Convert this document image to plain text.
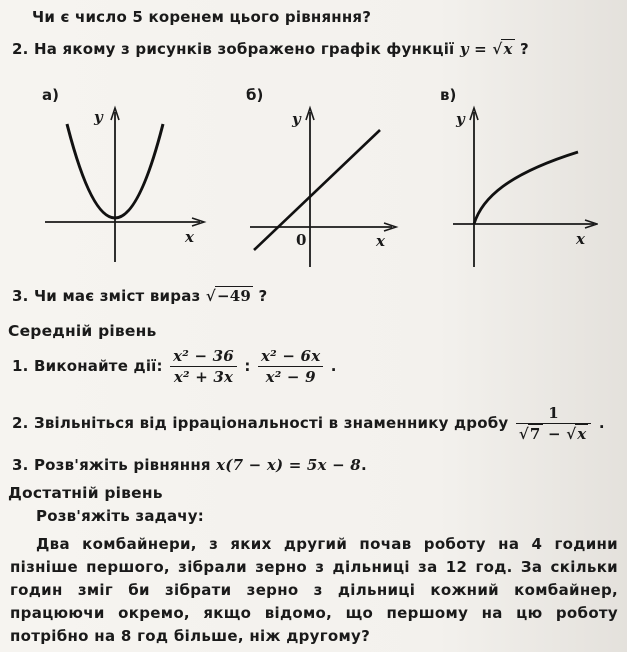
Чи є число 5 коренем цього рівняння?
2. На якому з рисунків зображено графік функції y = √x ?
а)	б)	в)
y
x
y
x
0
y
x
3. Чи має зміст вираз √−49 ?
Середній рівень
1. Виконайте дії: $\frac{\text{x² − 36}}{\text{x² + 3x}}$ : $\frac{\text{x² − 6x}}{\text{x² − 9}}$ .
2. Звільніться від ірраціональності в знаменнику дробу $\frac{1}{√7 - √x}$ .
3. Розв'яжіть рівняння x(7 − x) = 5x − 8.
Достатній рівень
Розв'яжіть задачу:
Два комбайнери, з яких другий почав роботу на 4 години пізніше першого, зібрали зерно з дільниці за 12 год. За скільки годин зміг би зібрати зерно з дільниці кожний комбайнер, працюючи окремо, якщо відомо, що першому на цю роботу потрібно на 8 год більше, ніж другому?
